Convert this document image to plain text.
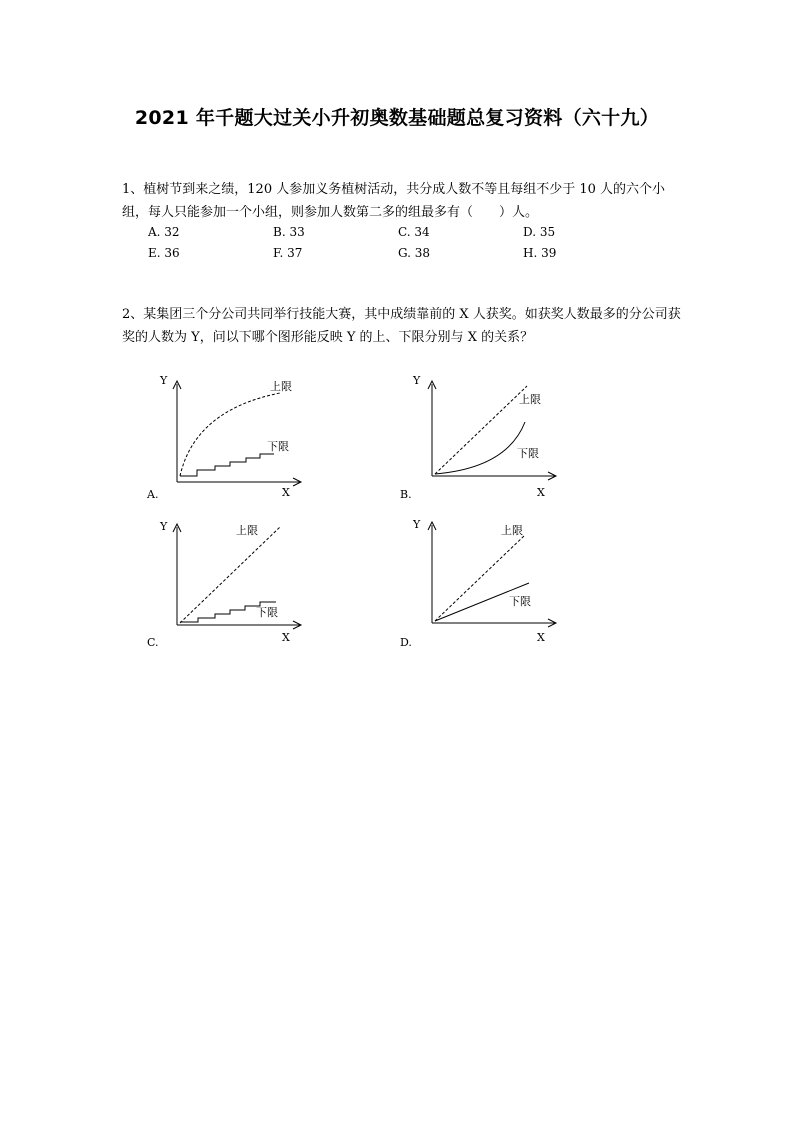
2021 年千题大过关小升初奥数基础题总复习资料（六十九）
1、植树节到来之绩，120 人参加义务植树活动，共分成人数不等且每组不少于 10 人的六个小组，每人只能参加一个小组，则参加人数第二多的组最多有（　　）人。
A. 32	B. 33	C. 34	D. 35
E. 36	F. 37	G. 38	H. 39
2、某集团三个分公司共同举行技能大赛，其中成绩靠前的 X 人获奖。如获奖人数最多的分公司获奖的人数为 Y，问以下哪个图形能反映 Y 的上、下限分别与 X 的关系？
Y
X
上限
下限
A.
Y
X
上限
下限
B.
Y
X
上限
下限
C.
Y
X
上限
下限
D.
